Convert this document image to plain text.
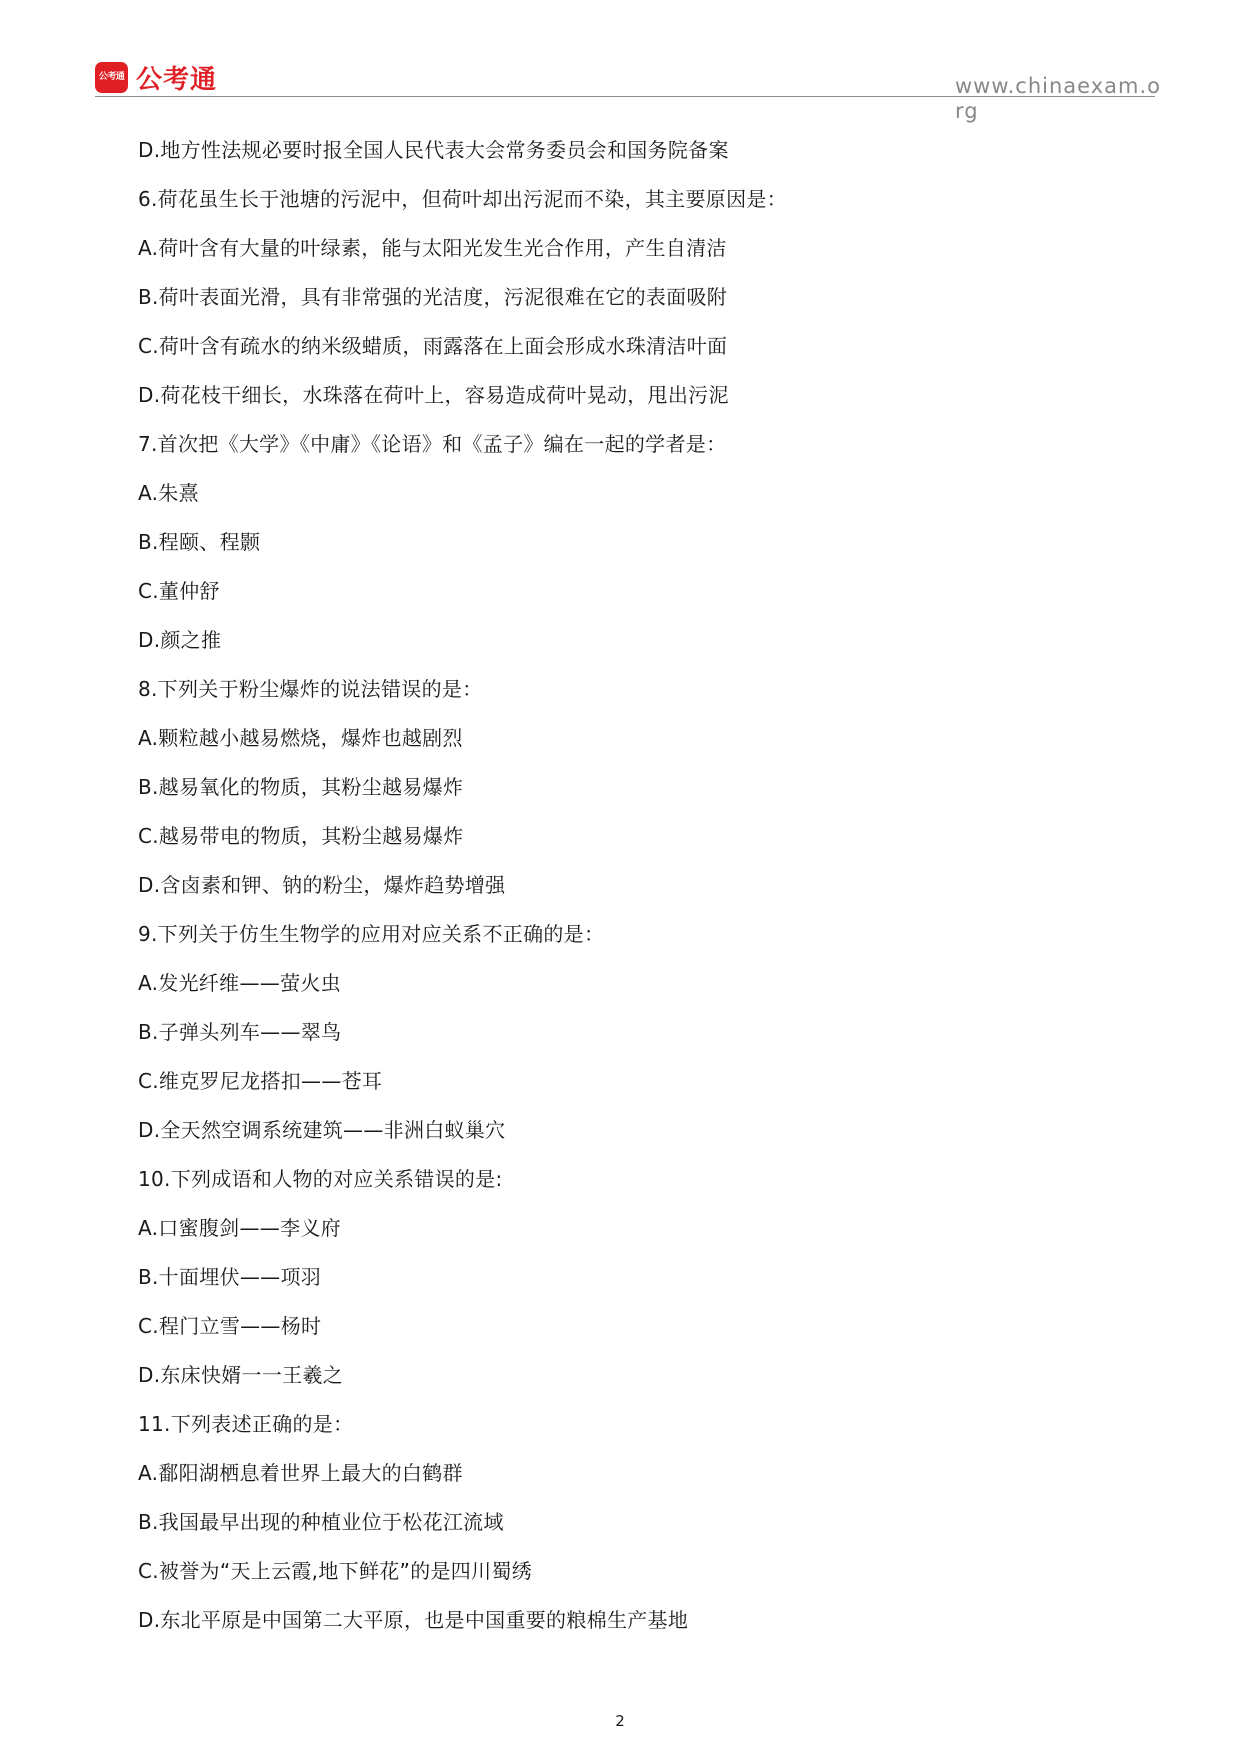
公考通 公考通	www.chinaexam.org
D.地方性法规必要时报全国人民代表大会常务委员会和国务院备案
6.荷花虽生长于池塘的污泥中，但荷叶却出污泥而不染，其主要原因是：
A.荷叶含有大量的叶绿素，能与太阳光发生光合作用，产生自清洁
B.荷叶表面光滑，具有非常强的光洁度，污泥很难在它的表面吸附
C.荷叶含有疏水的纳米级蜡质，雨露落在上面会形成水珠清洁叶面
D.荷花枝干细长，水珠落在荷叶上，容易造成荷叶晃动，甩出污泥
7.首次把《大学》《中庸》《论语》和《孟子》编在一起的学者是：
A.朱熹
B.程颐、程颢
C.董仲舒
D.颜之推
8.下列关于粉尘爆炸的说法错误的是：
A.颗粒越小越易燃烧，爆炸也越剧烈
B.越易氧化的物质，其粉尘越易爆炸
C.越易带电的物质，其粉尘越易爆炸
D.含卤素和钾、钠的粉尘，爆炸趋势增强
9.下列关于仿生生物学的应用对应关系不正确的是：
A.发光纤维——萤火虫
B.子弹头列车——翠鸟
C.维克罗尼龙搭扣——苍耳
D.全天然空调系统建筑——非洲白蚁巢穴
10.下列成语和人物的对应关系错误的是:
A.口蜜腹剑——李义府
B.十面埋伏——项羽
C.程门立雪——杨时
D.东床快婿一一王羲之
11.下列表述正确的是：
A.鄱阳湖栖息着世界上最大的白鹤群
B.我国最早出现的种植业位于松花江流域
C.被誉为“天上云霞,地下鲜花”的是四川蜀绣
D.东北平原是中国第二大平原，也是中国重要的粮棉生产基地
2
